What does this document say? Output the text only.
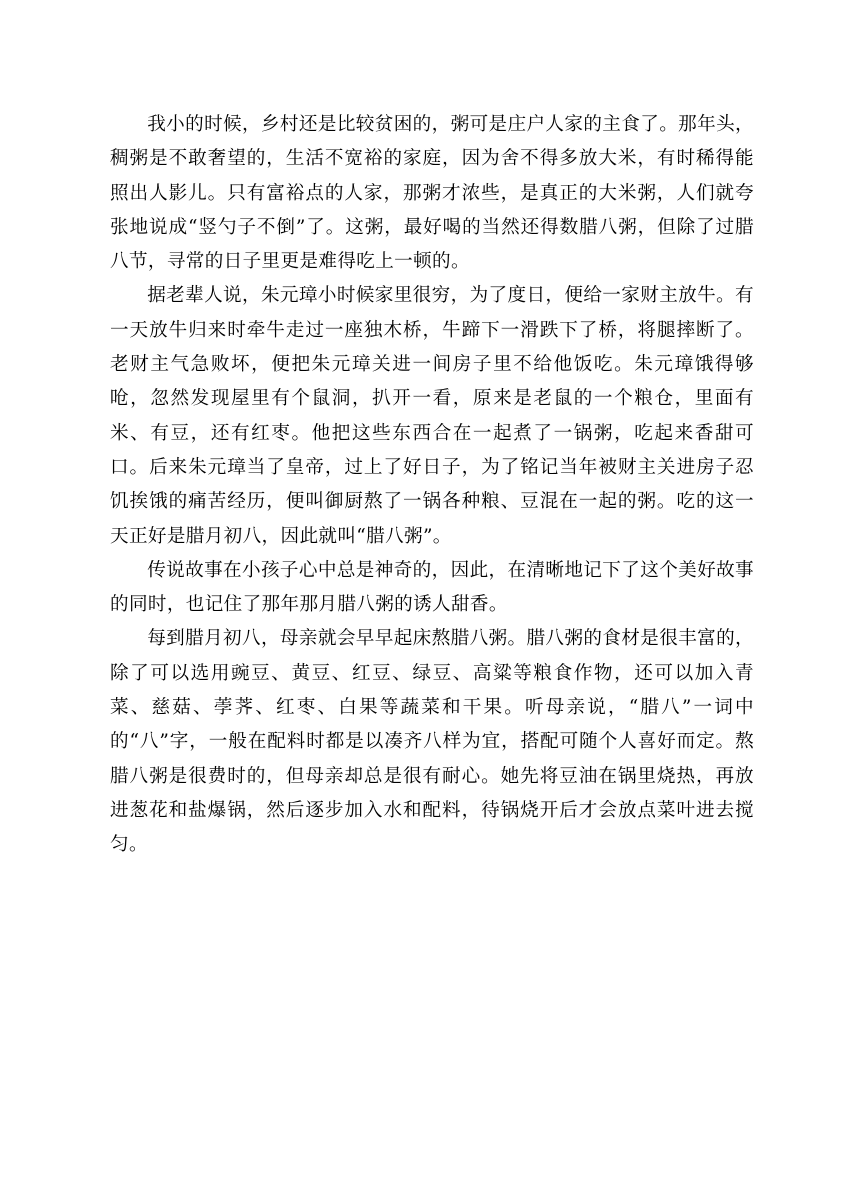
我小的时候，乡村还是比较贫困的，粥可是庄户人家的主食了。那年头，稠粥是不敢奢望的，生活不宽裕的家庭，因为舍不得多放大米，有时稀得能照出人影儿。只有富裕点的人家，那粥才浓些，是真正的大米粥，人们就夸张地说成“竖勺子不倒”了。这粥，最好喝的当然还得数腊八粥，但除了过腊八节，寻常的日子里更是难得吃上一顿的。

据老辈人说，朱元璋小时候家里很穷，为了度日，便给一家财主放牛。有一天放牛归来时牵牛走过一座独木桥，牛蹄下一滑跌下了桥，将腿摔断了。老财主气急败坏，便把朱元璋关进一间房子里不给他饭吃。朱元璋饿得够呛，忽然发现屋里有个鼠洞，扒开一看，原来是老鼠的一个粮仓，里面有米、有豆，还有红枣。他把这些东西合在一起煮了一锅粥，吃起来香甜可口。后来朱元璋当了皇帝，过上了好日子，为了铭记当年被财主关进房子忍饥挨饿的痛苦经历，便叫御厨熬了一锅各种粮、豆混在一起的粥。吃的这一天正好是腊月初八，因此就叫“腊八粥”。

传说故事在小孩子心中总是神奇的，因此，在清晰地记下了这个美好故事的同时，也记住了那年那月腊八粥的诱人甜香。

每到腊月初八，母亲就会早早起床熬腊八粥。腊八粥的食材是很丰富的，除了可以选用豌豆、黄豆、红豆、绿豆、高粱等粮食作物，还可以加入青菜、慈菇、荸荠、红枣、白果等蔬菜和干果。听母亲说，“腊八”一词中的“八”字，一般在配料时都是以凑齐八样为宜，搭配可随个人喜好而定。熬腊八粥是很费时的，但母亲却总是很有耐心。她先将豆油在锅里烧热，再放进葱花和盐爆锅，然后逐步加入水和配料，待锅烧开后才会放点菜叶进去搅匀。
